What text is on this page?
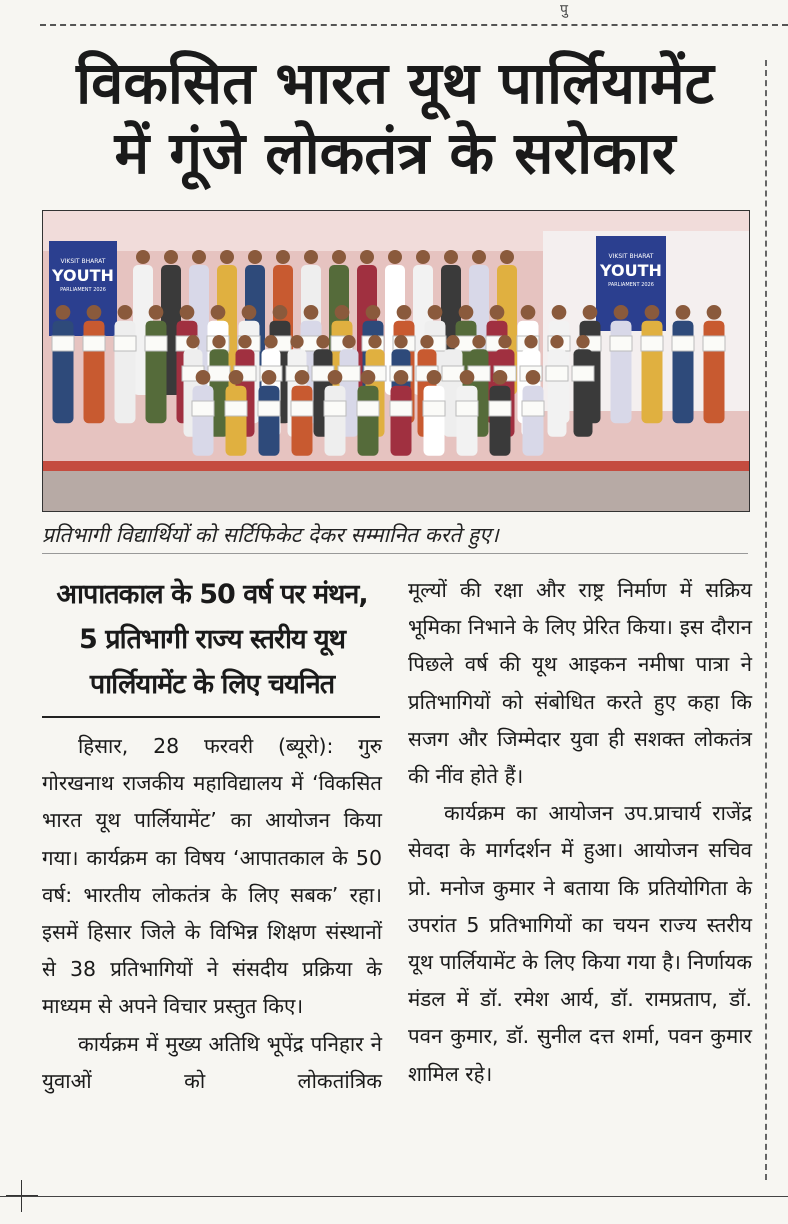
पु
विकसित भारत यूथ पार्लियामेंट
में गूंजे लोकतंत्र के सरोकार
VIKSIT BHARAT
YOUTH
PARLIAMENT 2026
VIKSIT BHARAT
YOUTH
PARLIAMENT 2026
प्रतिभागी विद्यार्थियों को सर्टिफिकेट देकर सम्मानित करते हुए।
आपातकाल के 50 वर्ष पर मंथन,
5 प्रतिभागी राज्य स्तरीय यूथ
पार्लियामेंट के लिए चयनित

हिसार, 28 फरवरी (ब्यूरो): गुरु गोरखनाथ राजकीय महाविद्यालय में ‘विकसित भारत यूथ पार्लियामेंट’ का आयोजन किया गया। कार्यक्रम का विषय ‘आपातकाल के 50 वर्ष: भारतीय लोकतंत्र के लिए सबक’ रहा। इसमें हिसार जिले के विभिन्न शिक्षण संस्थानों से 38 प्रतिभागियों ने संसदीय प्रक्रिया के माध्यम से अपने विचार प्रस्तुत किए।

कार्यक्रम में मुख्य अतिथि भूपेंद्र पनिहार ने युवाओं को लोकतांत्रिक

मूल्यों की रक्षा और राष्ट्र निर्माण में सक्रिय भूमिका निभाने के लिए प्रेरित किया। इस दौरान पिछले वर्ष की यूथ आइकन नमीषा पात्रा ने प्रतिभागियों को संबोधित करते हुए कहा कि सजग और जिम्मेदार युवा ही सशक्त लोकतंत्र की नींव होते हैं।

कार्यक्रम का आयोजन उप.प्राचार्य राजेंद्र सेवदा के मार्गदर्शन में हुआ। आयोजन सचिव प्रो. मनोज कुमार ने बताया कि प्रतियोगिता के उपरांत 5 प्रतिभागियों का चयन राज्य स्तरीय यूथ पार्लियामेंट के लिए किया गया है। निर्णायक मंडल में डॉ. रमेश आर्य, डॉ. रामप्रताप, डॉ. पवन कुमार, डॉ. सुनील दत्त शर्मा, पवन कुमार शामिल रहे।
